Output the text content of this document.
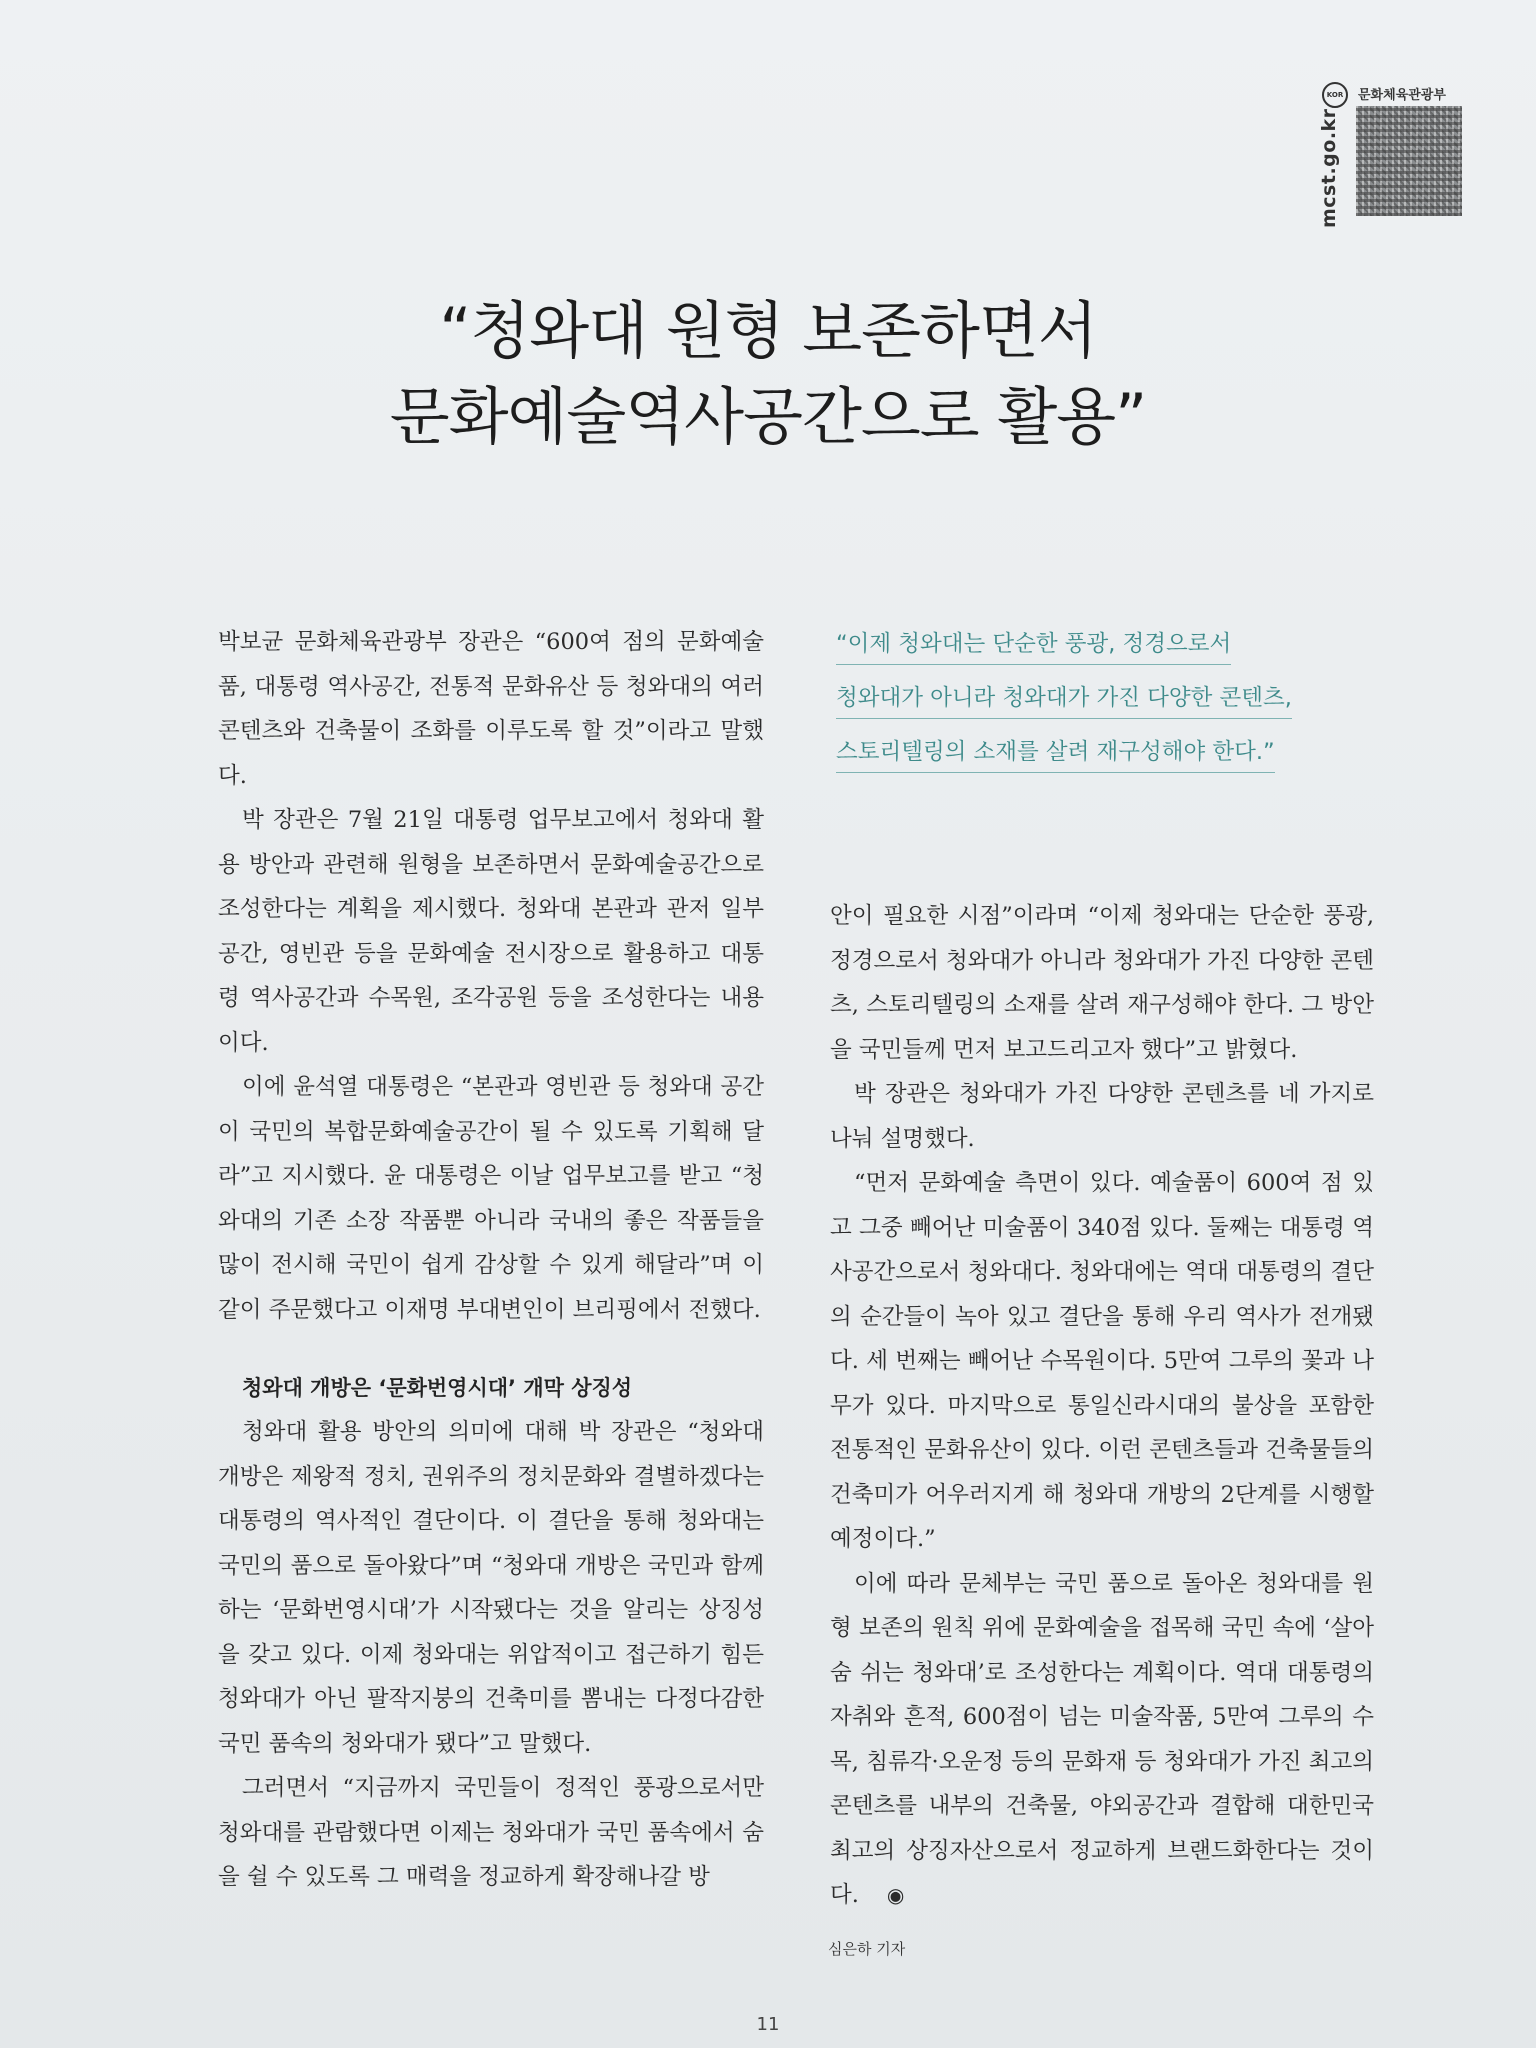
KOR
mcst.go.kr
문화체육관광부
“청와대 원형 보존하면서
문화예술역사공간으로 활용”

박보균 문화체육관광부 장관은 “600여 점의 문화예술품, 대통령 역사공간, 전통적 문화유산 등 청와대의 여러 콘텐츠와 건축물이 조화를 이루도록 할 것”이라고 말했다.

박 장관은 7월 21일 대통령 업무보고에서 청와대 활용 방안과 관련해 원형을 보존하면서 문화예술공간으로 조성한다는 계획을 제시했다. 청와대 본관과 관저 일부 공간, 영빈관 등을 문화예술 전시장으로 활용하고 대통령 역사공간과 수목원, 조각공원 등을 조성한다는 내용이다.

이에 윤석열 대통령은 “본관과 영빈관 등 청와대 공간이 국민의 복합문화예술공간이 될 수 있도록 기획해 달라”고 지시했다. 윤 대통령은 이날 업무보고를 받고 “청와대의 기존 소장 작품뿐 아니라 국내의 좋은 작품들을 많이 전시해 국민이 쉽게 감상할 수 있게 해달라”며 이같이 주문했다고 이재명 부대변인이 브리핑에서 전했다.

청와대 개방은 ‘문화번영시대’ 개막 상징성

청와대 활용 방안의 의미에 대해 박 장관은 “청와대 개방은 제왕적 정치, 권위주의 정치문화와 결별하겠다는 대통령의 역사적인 결단이다. 이 결단을 통해 청와대는 국민의 품으로 돌아왔다”며 “청와대 개방은 국민과 함께하는 ‘문화번영시대’가 시작됐다는 것을 알리는 상징성을 갖고 있다. 이제 청와대는 위압적이고 접근하기 힘든 청와대가 아닌 팔작지붕의 건축미를 뽐내는 다정다감한 국민 품속의 청와대가 됐다”고 말했다.

그러면서 “지금까지 국민들이 정적인 풍광으로서만 청와대를 관람했다면 이제는 청와대가 국민 품속에서 숨을 쉴 수 있도록 그 매력을 정교하게 확장해나갈 방

“이제 청와대는 단순한 풍광, 정경으로서
청와대가 아니라 청와대가 가진 다양한 콘텐츠,
스토리텔링의 소재를 살려 재구성해야 한다.”

안이 필요한 시점”이라며 “이제 청와대는 단순한 풍광, 정경으로서 청와대가 아니라 청와대가 가진 다양한 콘텐츠, 스토리텔링의 소재를 살려 재구성해야 한다. 그 방안을 국민들께 먼저 보고드리고자 했다”고 밝혔다.

박 장관은 청와대가 가진 다양한 콘텐츠를 네 가지로 나눠 설명했다.

“먼저 문화예술 측면이 있다. 예술품이 600여 점 있고 그중 빼어난 미술품이 340점 있다. 둘째는 대통령 역사공간으로서 청와대다. 청와대에는 역대 대통령의 결단의 순간들이 녹아 있고 결단을 통해 우리 역사가 전개됐다. 세 번째는 빼어난 수목원이다. 5만여 그루의 꽃과 나무가 있다. 마지막으로 통일신라시대의 불상을 포함한 전통적인 문화유산이 있다. 이런 콘텐츠들과 건축물들의 건축미가 어우러지게 해 청와대 개방의 2단계를 시행할 예정이다.”

이에 따라 문체부는 국민 품으로 돌아온 청와대를 원형 보존의 원칙 위에 문화예술을 접목해 국민 속에 ‘살아 숨 쉬는 청와대’로 조성한다는 계획이다. 역대 대통령의 자취와 흔적, 600점이 넘는 미술작품, 5만여 그루의 수목, 침류각·오운정 등의 문화재 등 청와대가 가진 최고의 콘텐츠를 내부의 건축물, 야외공간과 결합해 대한민국 최고의 상징자산으로서 정교하게 브랜드화한다는 것이다. ◉

심은하 기자
11
